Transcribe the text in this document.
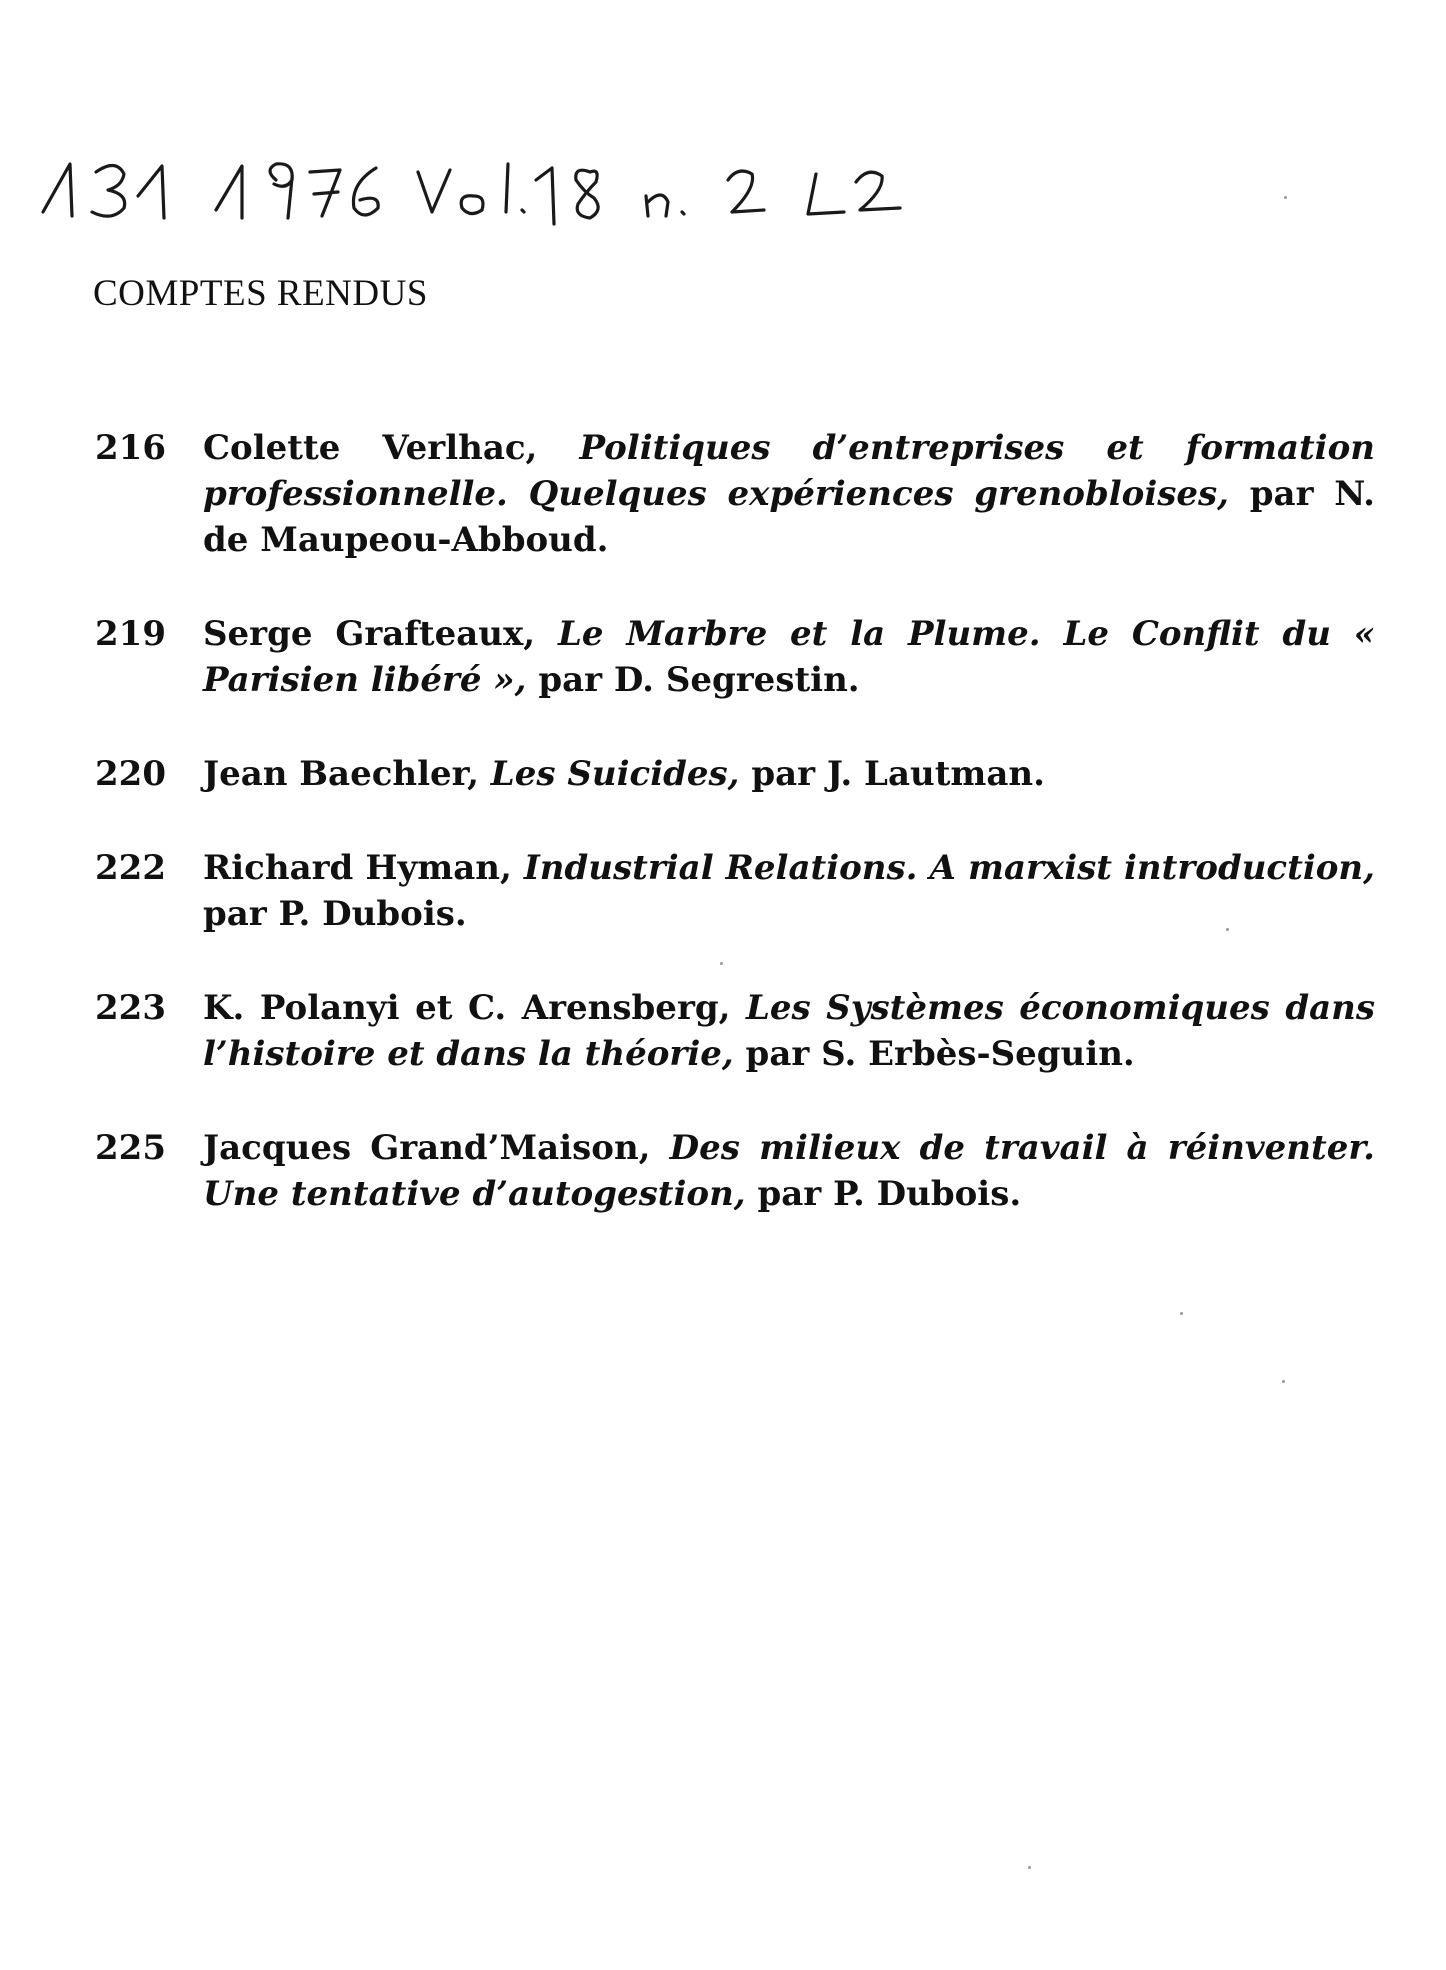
COMPTES RENDUS
216	Colette Verlhac, Politiques d’entreprises et formation professionnelle. Quelques expériences grenobloises, par N. de Maupeou-Abboud.
219	Serge Grafteaux, Le Marbre et la Plume. Le Conflit du « Parisien libéré », par D. Segrestin.
220	Jean Baechler, Les Suicides, par J. Lautman.
222	Richard Hyman, Industrial Relations. A marxist introduction, par P. Dubois.
223	K. Polanyi et C. Arensberg, Les Systèmes économiques dans l’histoire et dans la théorie, par S. Erbès-Seguin.
225	Jacques Grand’Maison, Des milieux de travail à réinventer. Une tentative d’autogestion, par P. Dubois.
